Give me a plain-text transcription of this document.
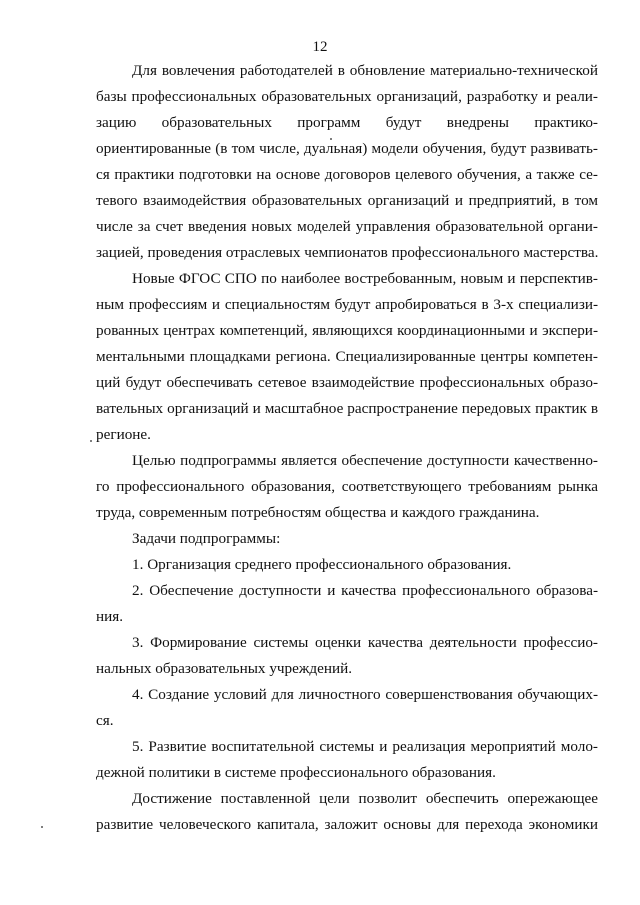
12
Для вовлечения работодателей в обновление материально-технической
базы профессиональных образовательных организаций, разработку и реали-
зацию образовательных программ будут внедрены практико-
ориентированные (в том числе, дуальная) модели обучения, будут развивать-
ся практики подготовки на основе договоров целевого обучения, а также се-
тевого взаимодействия образовательных организаций и предприятий, в том
числе за счет введения новых моделей управления образовательной органи-
зацией, проведения отраслевых чемпионатов профессионального мастерства.
Новые ФГОС СПО по наиболее востребованным, новым и перспектив-
ным профессиям и специальностям будут апробироваться в 3-х специализи-
рованных центрах компетенций, являющихся координационными и экспери-
ментальными площадками региона. Специализированные центры компетен-
ций будут обеспечивать сетевое взаимодействие профессиональных образо-
вательных организаций и масштабное распространение передовых практик в
регионе.
Целью подпрограммы является обеспечение доступности качественно-
го профессионального образования, соответствующего требованиям рынка
труда, современным потребностям общества и каждого гражданина.
Задачи подпрограммы:
1. Организация среднего профессионального образования.
2. Обеспечение доступности и качества профессионального образова-
ния.
3. Формирование системы оценки качества деятельности профессио-
нальных образовательных учреждений.
4. Создание условий для личностного совершенствования обучающих-
ся.
5. Развитие воспитательной системы и реализация мероприятий моло-
дежной политики в системе профессионального образования.
Достижение поставленной цели позволит обеспечить опережающее
развитие человеческого капитала, заложит основы для перехода экономики
